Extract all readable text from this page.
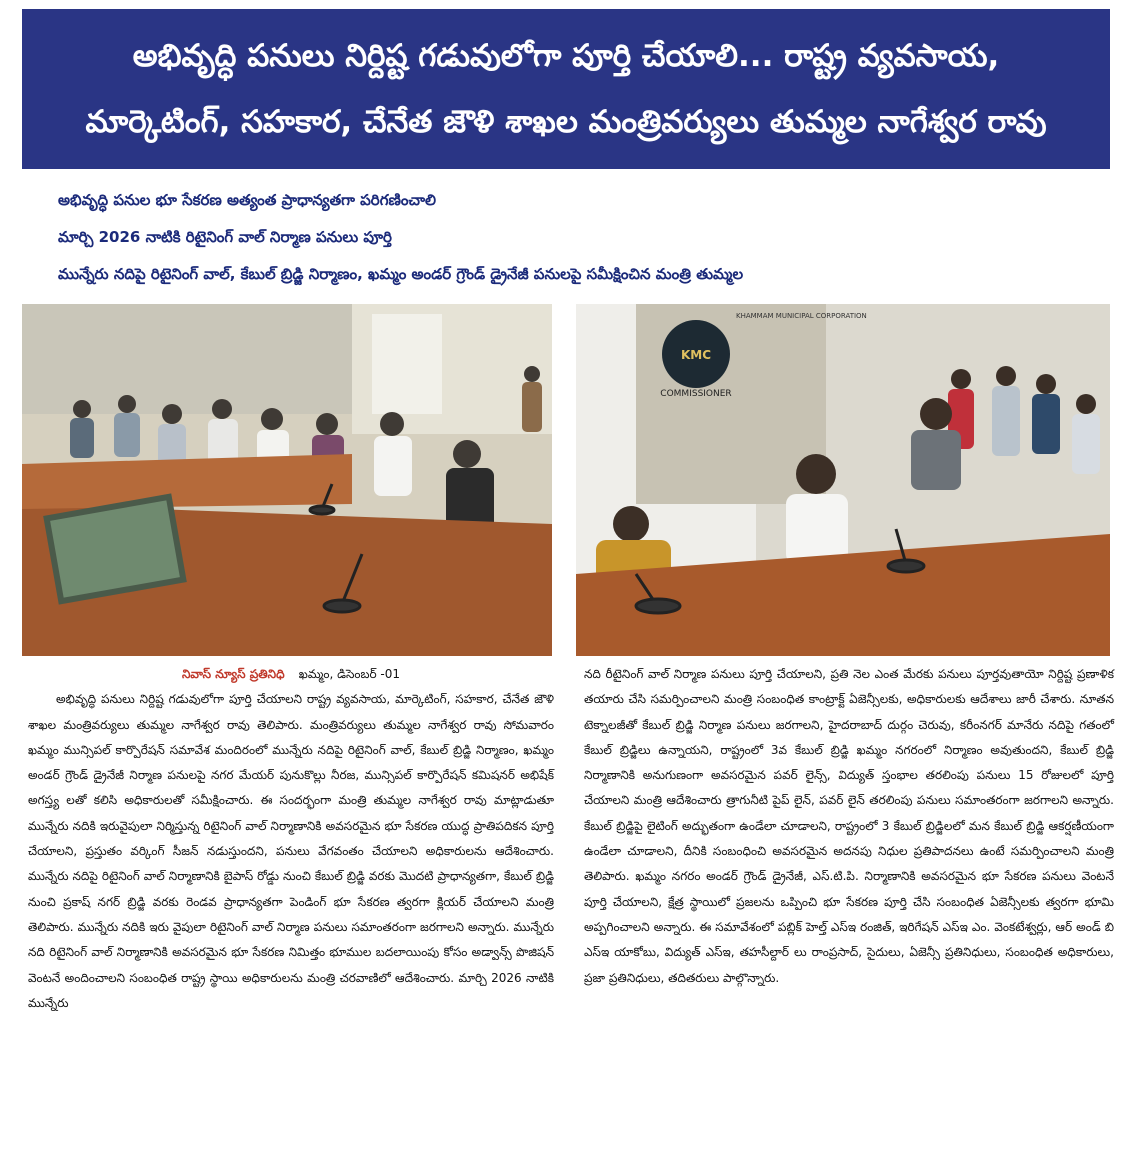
అభివృద్ధి పనులు నిర్దిష్ట గడువులోగా పూర్తి చేయాలి... రాష్ట్ర వ్యవసాయ,
మార్కెటింగ్, సహకార, చేనేత జౌళి శాఖల మంత్రివర్యులు తుమ్మల నాగేశ్వర రావు
అభివృద్ధి పనుల భూ సేకరణ అత్యంత ప్రాధాన్యతగా పరిగణించాలి
మార్చి 2026 నాటికి రిటైనింగ్ వాల్ నిర్మాణ పనులు పూర్తి
మున్నేరు నదిపై రిటైనింగ్ వాల్, కేబుల్ బ్రిడ్జి నిర్మాణం, ఖమ్మం అండర్ గ్రౌండ్ డ్రైనేజీ పనులపై సమీక్షించిన మంత్రి తుమ్మల
KMC
COMMISSIONER
KHAMMAM MUNICIPAL CORPORATION
నివాస్ న్యూస్ ప్రతినిధి ఖమ్మం, డిసెంబర్ -01

అభివృద్ధి పనులు నిర్దిష్ట గడువులోగా పూర్తి చేయాలని రాష్ట్ర వ్యవసాయ, మార్కెటింగ్, సహకార, చేనేత జౌళి శాఖల మంత్రివర్యులు తుమ్మల నాగేశ్వర రావు తెలిపారు. మంత్రివర్యులు తుమ్మల నాగేశ్వర రావు సోమవారం ఖమ్మం మున్సిపల్ కార్పొరేషన్ సమావేశ మందిరంలో మున్నేరు నదిపై రిటైనింగ్ వాల్, కేబుల్ బ్రిడ్జి నిర్మాణం, ఖమ్మం అండర్ గ్రౌండ్ డ్రైనేజీ నిర్మాణ పనులపై నగర మేయర్ పునుకొల్లు నీరజ, మున్సిపల్ కార్పొరేషన్ కమిషనర్ అభిషేక్ అగస్త్య లతో కలిసి అధికారులతో సమీక్షించారు. ఈ సందర్భంగా మంత్రి తుమ్మల నాగేశ్వర రావు మాట్లాడుతూ మున్నేరు నదికి ఇరువైపులా నిర్మిస్తున్న రిటైనింగ్ వాల్ నిర్మాణానికి అవసరమైన భూ సేకరణ యుద్ధ ప్రాతిపదికన పూర్తి చేయాలని, ప్రస్తుతం వర్కింగ్ సీజన్ నడుస్తుందని, పనులు వేగవంతం చేయాలని అధికారులను ఆదేశించారు. మున్నేరు నదిపై రిటైనింగ్ వాల్ నిర్మాణానికి బైపాస్ రోడ్డు నుంచి కేబుల్ బ్రిడ్జి వరకు మొదటి ప్రాధాన్యతగా, కేబుల్ బ్రిడ్జి నుంచి ప్రకాష్ నగర్ బ్రిడ్జి వరకు రెండవ ప్రాధాన్యతగా పెండింగ్ భూ సేకరణ త్వరగా క్లియర్ చేయాలని మంత్రి తెలిపారు. మున్నేరు నదికి ఇరు వైపులా రిటైనింగ్ వాల్ నిర్మాణ పనులు సమాంతరంగా జరగాలని అన్నారు. మున్నేరు నది రిటైనింగ్ వాల్ నిర్మాణానికి అవసరమైన భూ సేకరణ నిమిత్తం భూముల బదలాయింపు కోసం అడ్వాన్స్ పొజిషన్ వెంటనే అందించాలని సంబంధిత రాష్ట్ర స్థాయి అధికారులను మంత్రి చరవాణిలో ఆదేశించారు. మార్చి 2026 నాటికి మున్నేరు

నది రీటైనింగ్ వాల్ నిర్మాణ పనులు పూర్తి చేయాలని, ప్రతి నెల ఎంత మేరకు పనులు పూర్తవుతాయో నిర్దిష్ట ప్రణాళిక తయారు చేసి సమర్పించాలని మంత్రి సంబంధిత కాంట్రాక్ట్ ఏజెన్సీలకు, అధికారులకు ఆదేశాలు జారీ చేశారు. నూతన టెక్నాలజీతో కేబుల్ బ్రిడ్జి నిర్మాణ పనులు జరగాలని, హైదరాబాద్ దుర్గం చెరువు, కరీంనగర్ మానేరు నదిపై గతంలో కేబుల్ బ్రిడ్జిలు ఉన్నాయని, రాష్ట్రంలో 3వ కేబుల్ బ్రిడ్జి ఖమ్మం నగరంలో నిర్మాణం అవుతుందని, కేబుల్ బ్రిడ్జి నిర్మాణానికి అనుగుణంగా అవసరమైన పవర్ లైన్స్, విద్యుత్ స్తంభాల తరలింపు పనులు 15 రోజులలో పూర్తి చేయాలని మంత్రి ఆదేశించారు త్రాగునీటి పైప్ లైన్, పవర్ లైన్ తరలింపు పనులు సమాంతరంగా జరగాలని అన్నారు. కేబుల్ బ్రిడ్జిపై లైటింగ్ అద్భుతంగా ఉండేలా చూడాలని, రాష్ట్రంలో 3 కేబుల్ బ్రిడ్జిలలో మన కేబుల్ బ్రిడ్జి ఆకర్షణీయంగా ఉండేలా చూడాలని, దీనికి సంబంధించి అవసరమైన అదనపు నిధుల ప్రతిపాదనలు ఉంటే సమర్పించాలని మంత్రి తెలిపారు. ఖమ్మం నగరం అండర్ గ్రౌండ్ డ్రైనేజీ, ఎస్.టి.పి. నిర్మాణానికి అవసరమైన భూ సేకరణ పనులు వెంటనే పూర్తి చేయాలని, క్షేత్ర స్థాయిలో ప్రజలను ఒప్పించి భూ సేకరణ పూర్తి చేసి సంబంధిత ఏజెన్సీలకు త్వరగా భూమి అప్పగించాలని అన్నారు. ఈ సమావేశంలో పబ్లిక్ హెల్త్ ఎస్ఇ రంజిత్, ఇరిగేషన్ ఎస్ఇ ఎం. వెంకటేశ్వర్లు, ఆర్ అండ్ బి ఎస్ఇ యాకోబు, విద్యుత్ ఎస్ఇ, తహసీల్దార్ లు రాంప్రసాద్, సైదులు, ఏజెన్సీ ప్రతినిధులు, సంబంధిత అధికారులు, ప్రజా ప్రతినిధులు, తదితరులు పాల్గొన్నారు.
